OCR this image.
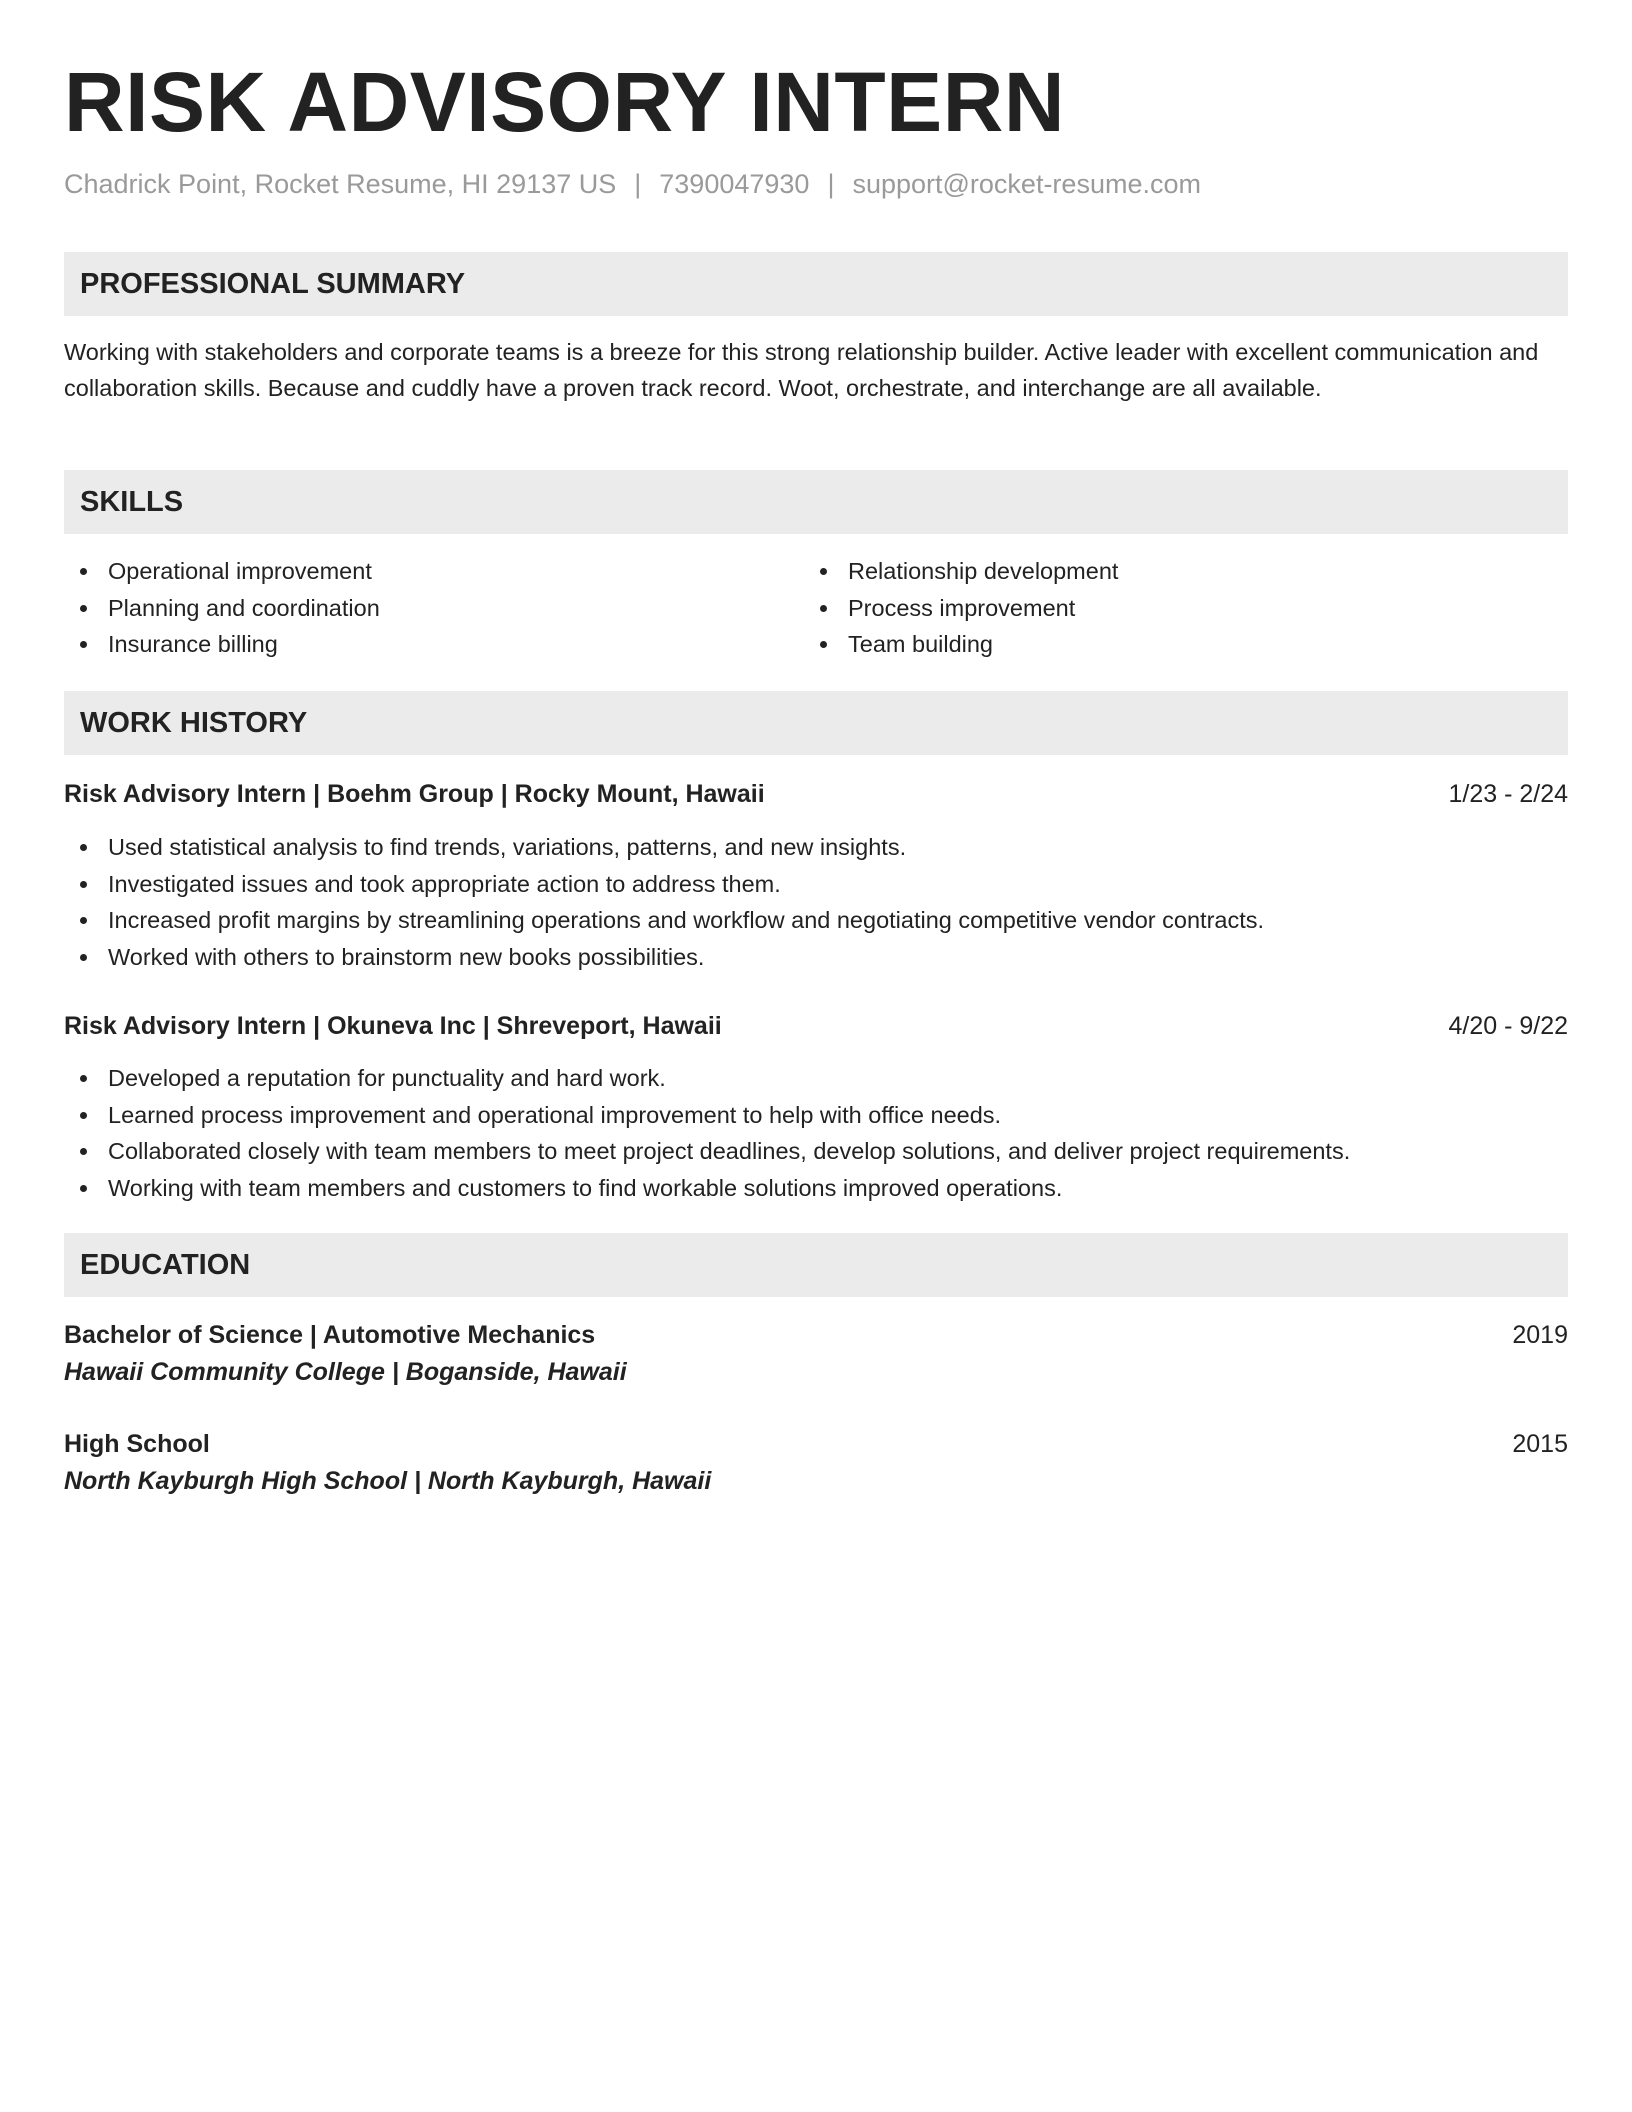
RISK ADVISORY INTERN
Chadrick Point, Rocket Resume, HI 29137 US | 7390047930 | support@rocket-resume.com
PROFESSIONAL SUMMARY
Working with stakeholders and corporate teams is a breeze for this strong relationship builder. Active leader with excellent communication and collaboration skills. Because and cuddly have a proven track record. Woot, orchestrate, and interchange are all available.
SKILLS
Operational improvement
Planning and coordination
Insurance billing
Relationship development
Process improvement
Team building
WORK HISTORY
Risk Advisory Intern | Boehm Group | Rocky Mount, Hawaii	1/23 - 2/24
Used statistical analysis to find trends, variations, patterns, and new insights.
Investigated issues and took appropriate action to address them.
Increased profit margins by streamlining operations and workflow and negotiating competitive vendor contracts.
Worked with others to brainstorm new books possibilities.
Risk Advisory Intern | Okuneva Inc | Shreveport, Hawaii	4/20 - 9/22
Developed a reputation for punctuality and hard work.
Learned process improvement and operational improvement to help with office needs.
Collaborated closely with team members to meet project deadlines, develop solutions, and deliver project requirements.
Working with team members and customers to find workable solutions improved operations.
EDUCATION
Bachelor of Science | Automotive Mechanics	2019
Hawaii Community College | Boganside, Hawaii
High School	2015
North Kayburgh High School | North Kayburgh, Hawaii
